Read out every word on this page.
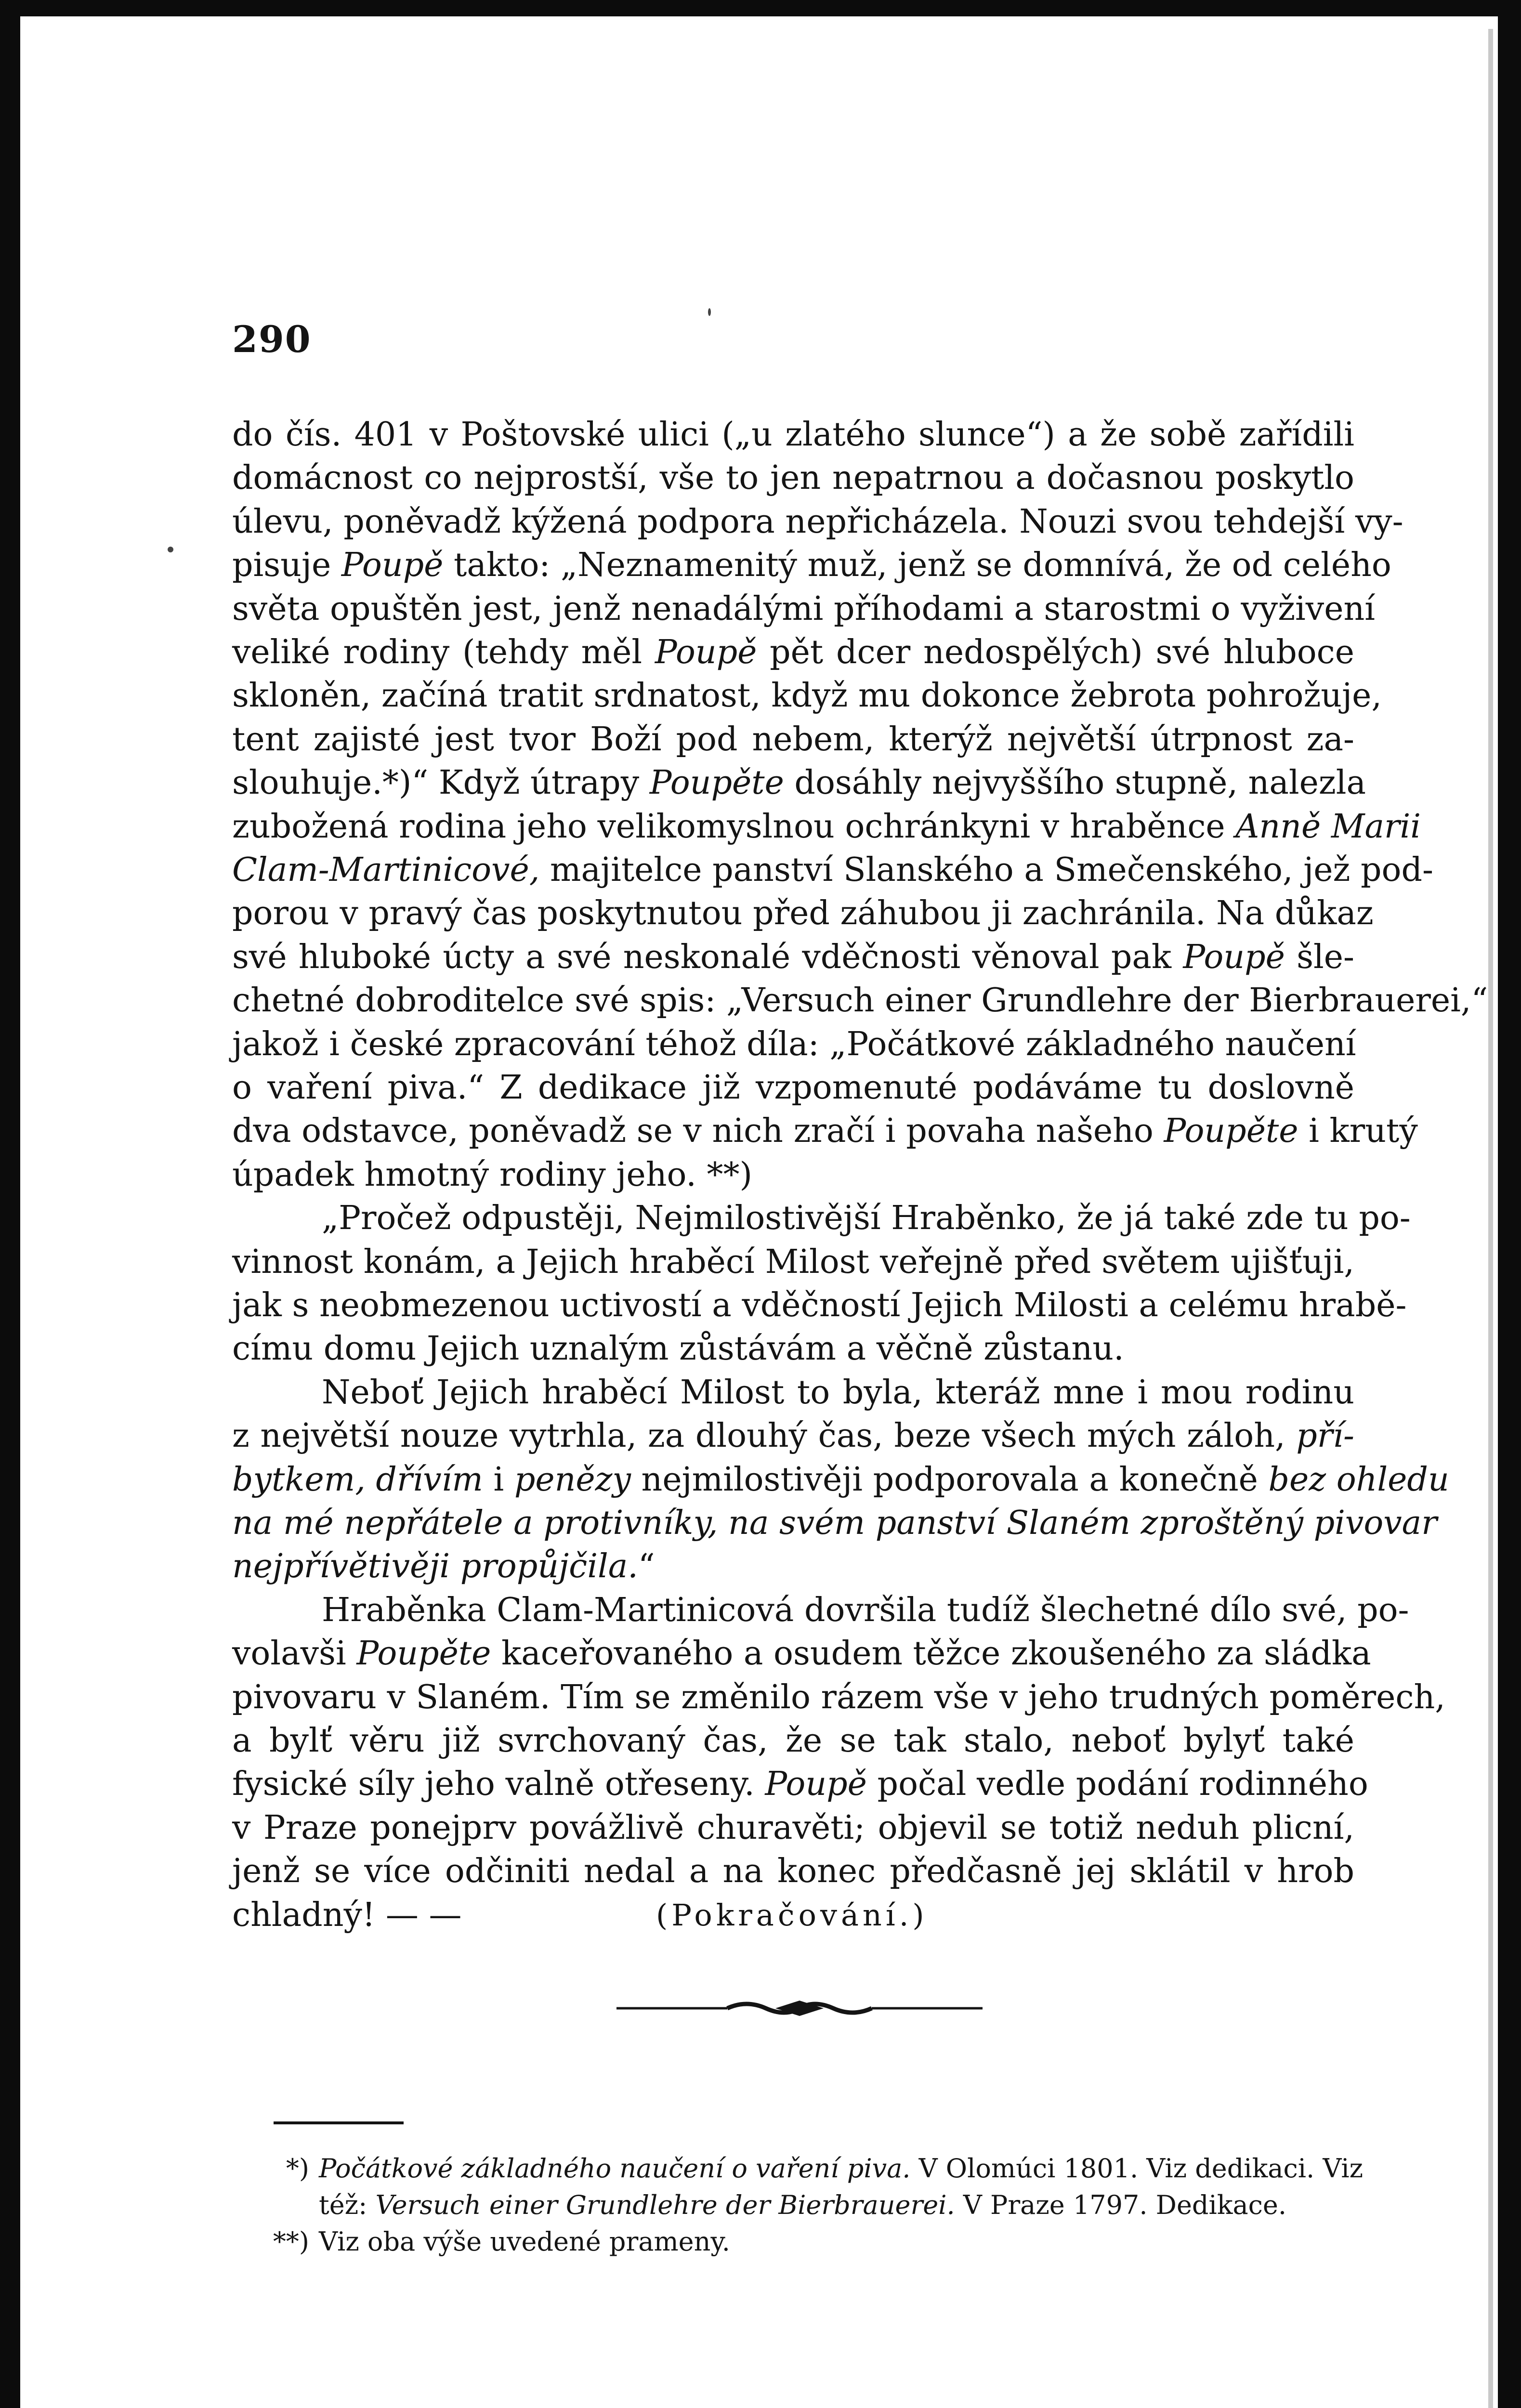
290
do čís. 401 v Poštovské ulici („u zlatého slunce“) a že sobě zařídili
domácnost co nejprostší, vše to jen nepatrnou a dočasnou poskytlo
úlevu, poněvadž kýžená podpora nepřicházela. Nouzi svou tehdejší vy-
pisuje Poupě takto: „Neznamenitý muž, jenž se domnívá, že od celého
světa opuštěn jest, jenž nenadálými příhodami a starostmi o vyživení
veliké rodiny (tehdy měl Poupě pět dcer nedospělých) své hluboce
skloněn, začíná tratit srdnatost, když mu dokonce žebrota pohrožuje,
tent zajisté jest tvor Boží pod nebem, kterýž největší útrpnost za-
slouhuje.*)“ Když útrapy Poupěte dosáhly nejvyššího stupně, nalezla
zubožená rodina jeho velikomyslnou ochránkyni v hraběnce Anně Marii
Clam-Martinicové, majitelce panství Slanského a Smečenského, jež pod-
porou v pravý čas poskytnutou před záhubou ji zachránila. Na důkaz
své hluboké úcty a své neskonalé vděčnosti věnoval pak Poupě šle-
chetné dobroditelce své spis: „Versuch einer Grundlehre der Bierbrauerei,“
jakož i české zpracování téhož díla: „Počátkové základného naučení
o vaření piva.“ Z dedikace již vzpomenuté podáváme tu doslovně
dva odstavce, poněvadž se v nich zračí i povaha našeho Poupěte i krutý
úpadek hmotný rodiny jeho. **)
„Pročež odpustěji, Nejmilostivější Hraběnko, že já také zde tu po-
vinnost konám, a Jejich hraběcí Milost veřejně před světem ujišťuji,
jak s neobmezenou uctivostí a vděčností Jejich Milosti a celému hrabě-
címu domu Jejich uznalým zůstávám a věčně zůstanu.
Neboť Jejich hraběcí Milost to byla, kteráž mne i mou rodinu
z největší nouze vytrhla, za dlouhý čas, beze všech mých záloh, pří-
bytkem, dřívím i penězy nejmilostivěji podporovala a konečně bez ohledu
na mé nepřátele a protivníky, na svém panství Slaném zproštěný pivovar
nejpřívětivěji propůjčila.“
Hraběnka Clam-Martinicová dovršila tudíž šlechetné dílo své, po-
volavši Poupěte kaceřovaného a osudem těžce zkoušeného za sládka
pivovaru v Slaném. Tím se změnilo rázem vše v jeho trudných poměrech,
a bylť věru již svrchovaný čas, že se tak stalo, neboť bylyť také
fysické síly jeho valně otřeseny. Poupě počal vedle podání rodinného
v Praze ponejprv povážlivě churavěti; objevil se totiž neduh plicní,
jenž se více odčiniti nedal a na konec předčasně jej sklátil v hrob
chladný! — —	(Pokračování.)
*) Počátkové základného naučení o vaření piva. V Olomúci 1801. Viz dedikaci. Viz
též: Versuch einer Grundlehre der Bierbrauerei. V Praze 1797. Dedikace.
**) Viz oba výše uvedené prameny.
